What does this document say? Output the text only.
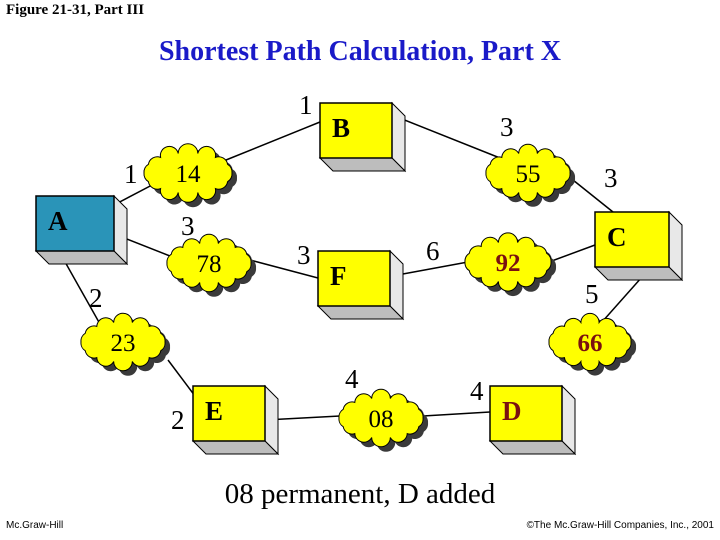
Figure 21-31, Part III
Shortest Path Calculation, Part X
14	55
78	92
23	66
08
A
B
C
D
E
F
1
1
3
3
3
3	6
5
2
2
4	4
08 permanent, D added
Mc.Graw-Hill	©The Mc.Graw-Hill Companies, Inc., 2001
